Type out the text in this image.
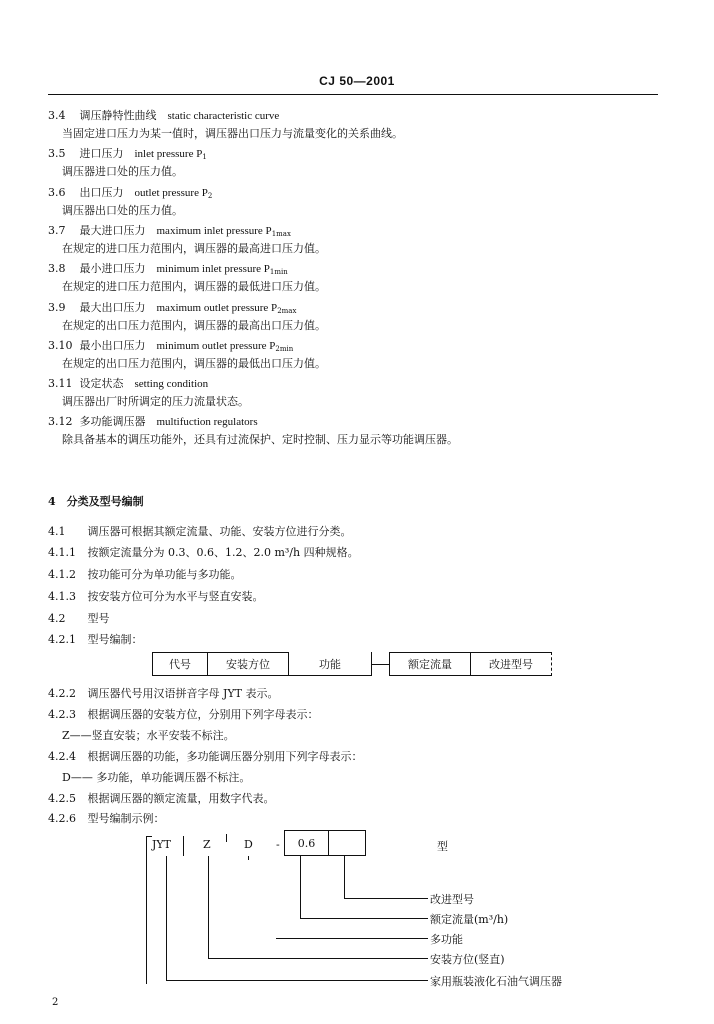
CJ 50—2001
3.4 调压静特性曲线　 static characteristic curve
当固定进口压力为某一值时，调压器出口压力与流量变化的关系曲线。
3.5 进口压力　 inlet pressure $P_1$
调压器进口处的压力值。
3.6 出口压力　 outlet pressure $P_2$
调压器出口处的压力值。
3.7 最大进口压力　 maximum inlet pressure $P_{1max}$
在规定的进口压力范围内，调压器的最高进口压力值。
3.8 最小进口压力　 minimum inlet pressure $P_{1min}$
在规定的进口压力范围内，调压器的最低进口压力值。
3.9 最大出口压力　 maximum outlet pressure $P_{2max}$
在规定的出口压力范围内，调压器的最高出口压力值。
3.10 最小出口压力　 minimum outlet pressure $P_{2min}$
在规定的出口压力范围内，调压器的最低出口压力值。
3.11 设定状态　 setting condition
调压器出厂时所调定的压力流量状态。
3.12 多功能调压器　 multifuction regulators
除具备基本的调压功能外，还具有过流保护、定时控制、压力显示等功能调压器。
4　分类及型号编制
4.1 调压器可根据其额定流量、功能、安装方位进行分类。
4.1.1 按额定流量分为 0.3、0.6、1.2、2.0 m³/h 四种规格。
4.1.2 按功能可分为单功能与多功能。
4.1.3 按安装方位可分为水平与竖直安装。
4.2 型号
4.2.1 型号编制：
4.2.2 调压器代号用汉语拼音字母 JYT 表示。
4.2.3 根据调压器的安装方位，分别用下列字母表示：
Z——竖直安装；水平安装不标注。
4.2.4 根据调压器的功能，多功能调压器分别用下列字母表示：
D—— 多功能，单功能调压器不标注。
4.2.5 根据调压器的额定流量，用数字代表。
4.2.6 型号编制示例：
代号	安装方位	功能	额定流量	改进型号
JYT	Z	D - 0.6	型
改进型号
额定流量(m³/h)
多功能
安装方位(竖直)
家用瓶装液化石油气调压器
2
